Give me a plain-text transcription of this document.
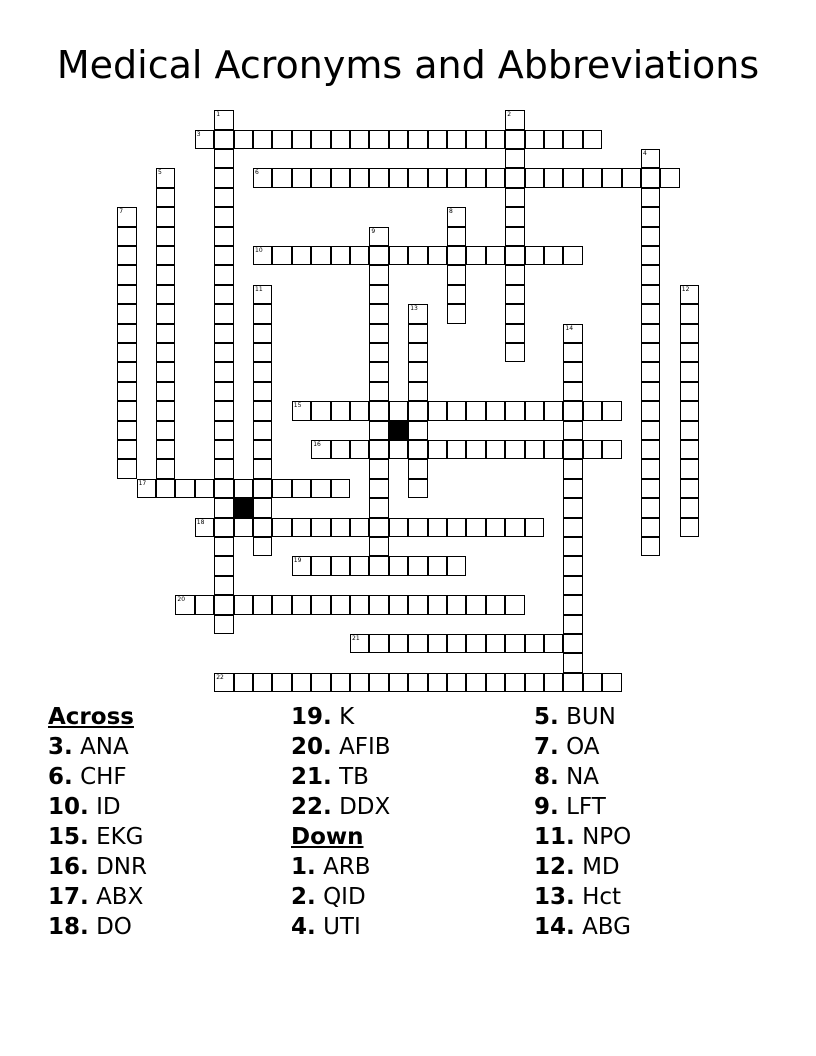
Medical Acronyms and Abbreviations
3
6
10
15
16
17
18
19
20
21
22
1	2
4
5
7	8
9
11	12
13
14
Across
3. ANA
6. CHF
10. ID
15. EKG
16. DNR
17. ABX
18. DO
19. K
20. AFIB
21. TB
22. DDX
Down
1. ARB
2. QID
4. UTI
5. BUN
7. OA
8. NA
9. LFT
11. NPO
12. MD
13. Hct
14. ABG
